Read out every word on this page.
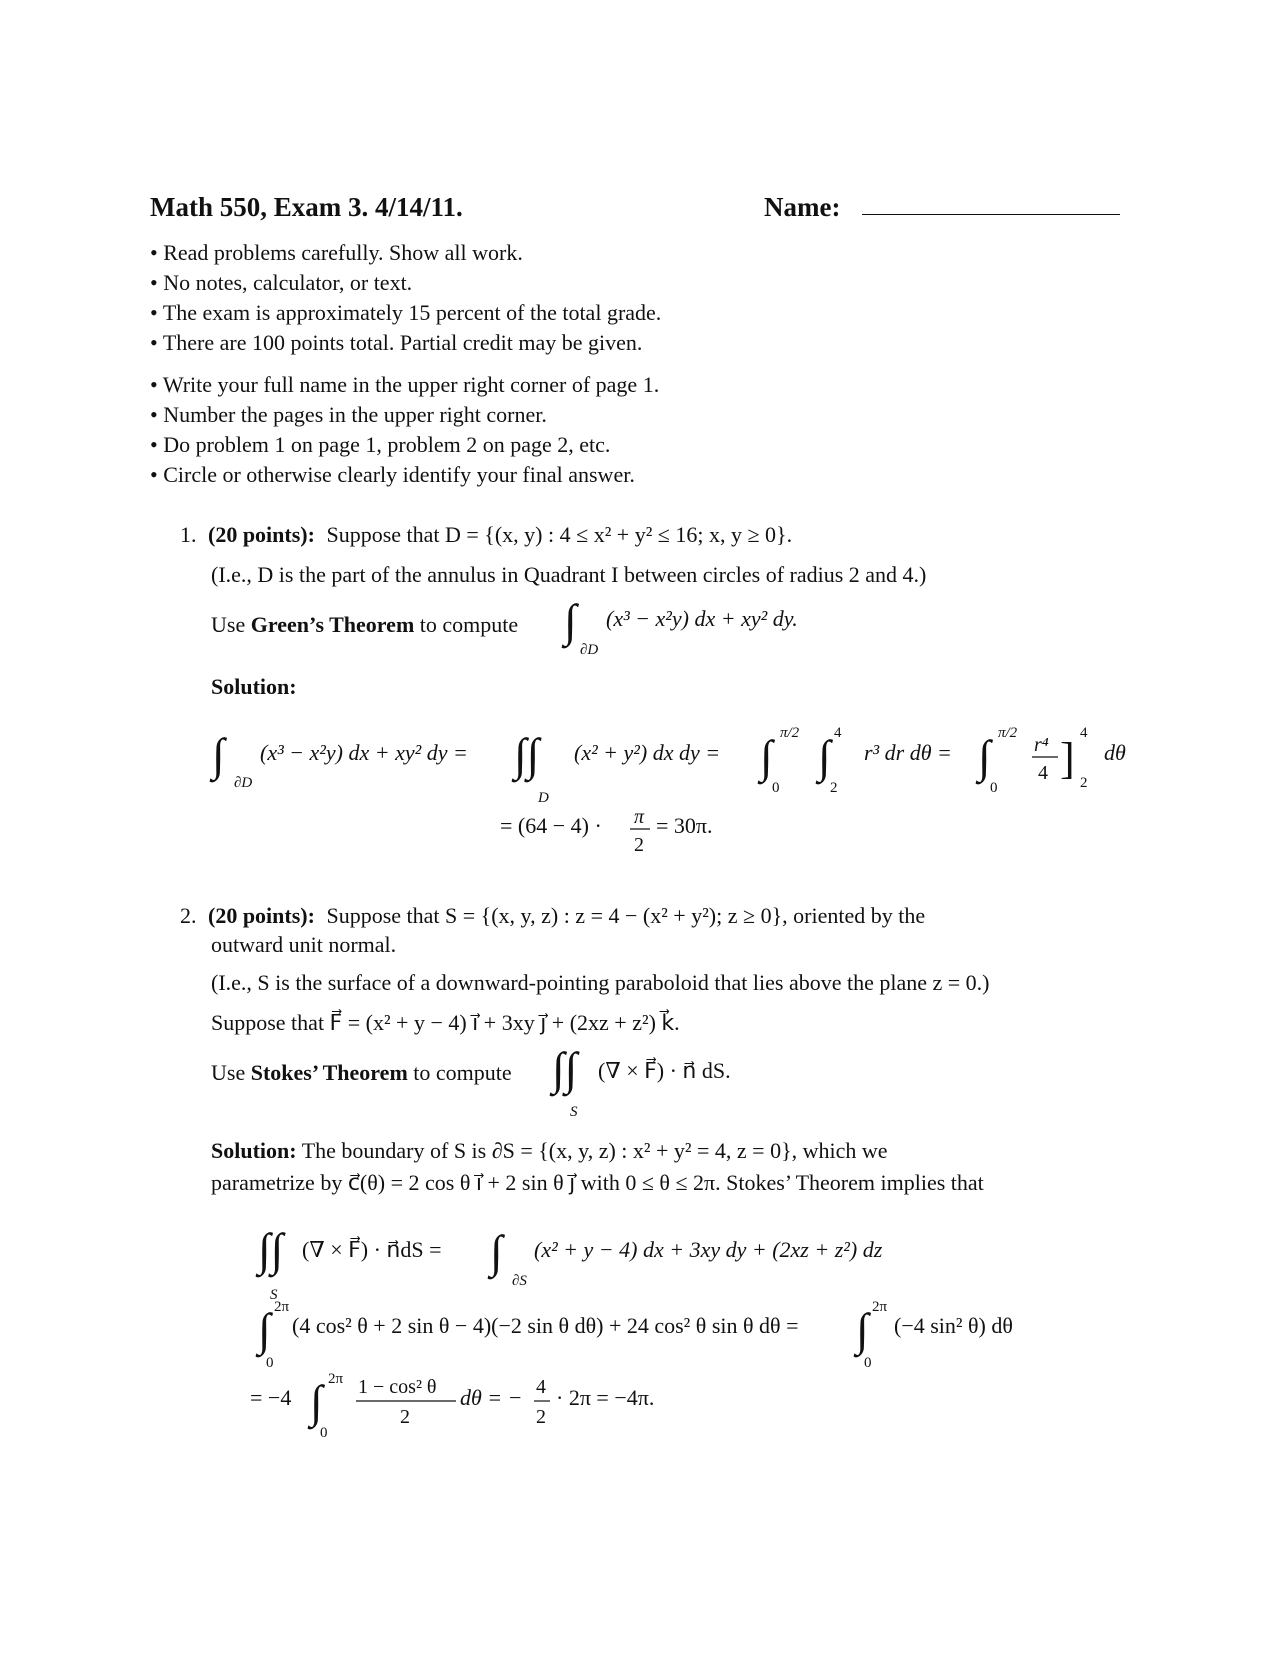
Math 550, Exam 3. 4/14/11.	Name:
• Read problems carefully. Show all work.
• No notes, calculator, or text.
• The exam is approximately 15 percent of the total grade.
• There are 100 points total. Partial credit may be given.
• Write your full name in the upper right corner of page 1.
• Number the pages in the upper right corner.
• Do problem 1 on page 1, problem 2 on page 2, etc.
• Circle or otherwise clearly identify your final answer.
1. (20 points): Suppose that D = {(x, y) : 4 ≤ x² + y² ≤ 16; x, y ≥ 0}.
(I.e., D is the part of the annulus in Quadrant I between circles of radius 2 and 4.)
Use Green’s Theorem to compute ∫
∂D
(x³ − x²y) dx + xy² dy.
Solution:
∫
∂D
(x³ − x²y) dx + xy² dy = ∫∫
D
(x² + y²) dx dy = ∫ π/2
0
∫ 4
2
r³ dr dθ = ∫ π/2
0
r⁴
4 ]
4
2
dθ
= (64 − 4) · π
2
= 30π.
2. (20 points): Suppose that S = {(x, y, z) : z = 4 − (x² + y²); z ≥ 0}, oriented by the
outward unit normal.
(I.e., S is the surface of a downward-pointing paraboloid that lies above the plane z = 0.)
Suppose that F⃗ = (x² + y − 4) i⃗ + 3xy j⃗ + (2xz + z²) k⃗.
Use Stokes’ Theorem to compute ∫∫
S
(∇ × F⃗) · n⃗ dS.
Solution: The boundary of S is ∂S = {(x, y, z) : x² + y² = 4, z = 0}, which we
parametrize by c⃗(θ) = 2 cos θ i⃗ + 2 sin θ j⃗ with 0 ≤ θ ≤ 2π. Stokes’ Theorem implies that
∫∫
S
(∇ × F⃗) · n⃗dS = ∫
∂S
(x² + y − 4) dx + 3xy dy + (2xz + z²) dz
∫ 2π
0
(4 cos² θ + 2 sin θ − 4)(−2 sin θ dθ) + 24 cos² θ sin θ dθ = ∫ 2π
0
(−4 sin² θ) dθ
= −4 ∫ 2π
0
1 − cos² θ
2
dθ = − 4
2
· 2π = −4π.
